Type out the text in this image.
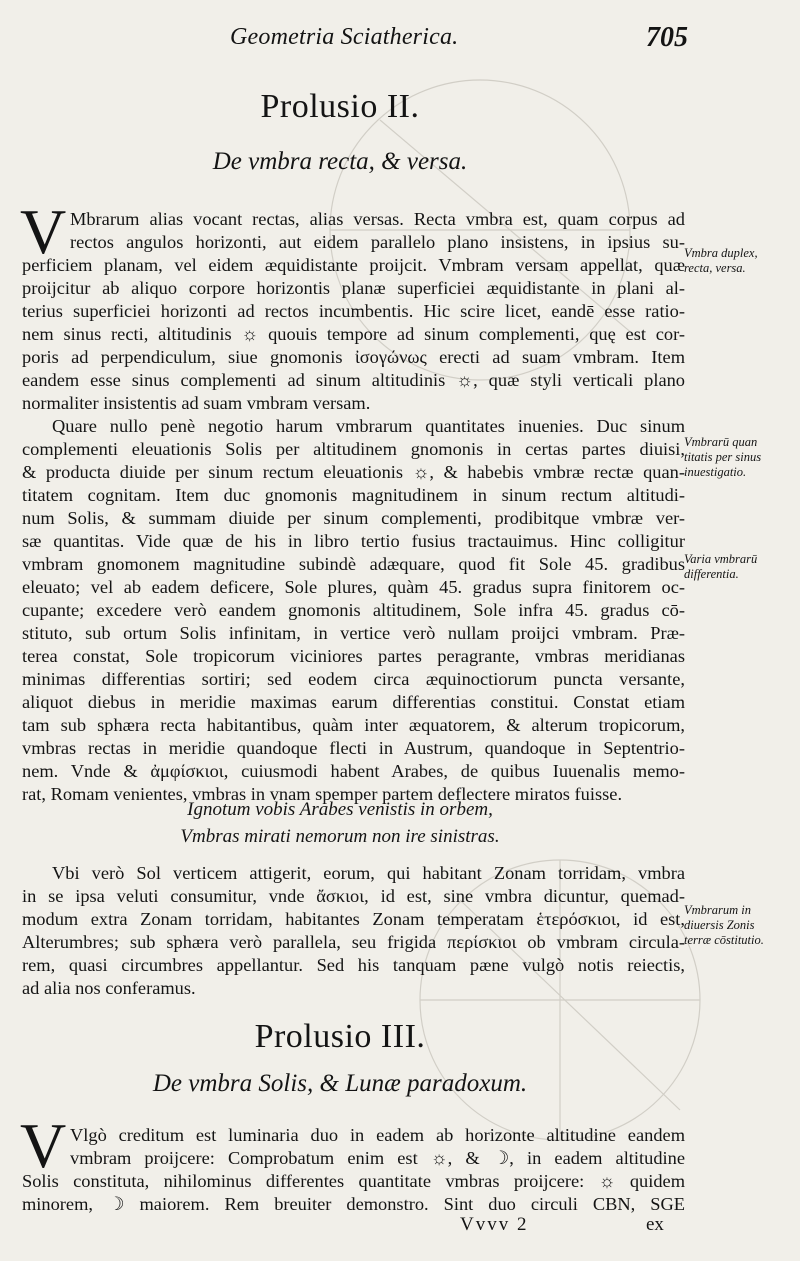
Geometria Sciatherica.	705
Prolusio II.
De vmbra recta, & versa.
V Mbrarum alias vocant rectas, alias versas. Recta vmbra est, quam corpus ad
rectos angulos horizonti, aut eidem parallelo plano insistens, in ipsius su-
perficiem planam, vel eidem æquidistante proijcit. Vmbram versam appellat, quæ
proijcitur ab aliquo corpore horizontis planæ superficiei æquidistante in plani al-
terius superficiei horizonti ad rectos incumbentis. Hic scire licet, eandē esse ratio-
nem sinus recti, altitudinis ☼ quouis tempore ad sinum complementi, quę est cor-
poris ad perpendiculum, siue gnomonis ἰσογώνως erecti ad suam vmbram. Item
eandem esse sinus complementi ad sinum altitudinis ☼, quæ styli verticali plano
normaliter insistentis ad suam vmbram versam.
Quare nullo penè negotio harum vmbrarum quantitates inuenies. Duc sinum
complementi eleuationis Solis per altitudinem gnomonis in certas partes diuisi,
& producta diuide per sinum rectum eleuationis ☼, & habebis vmbræ rectæ quan-
titatem cognitam. Item duc gnomonis magnitudinem in sinum rectum altitudi-
num Solis, & summam diuide per sinum complementi, prodibitque vmbræ ver-
sæ quantitas. Vide quæ de his in libro tertio fusius tractauimus. Hinc colligitur
vmbram gnomonem magnitudine subindè adæquare, quod fit Sole 45. gradibus
eleuato; vel ab eadem deficere, Sole plures, quàm 45. gradus supra finitorem oc-
cupante; excedere verò eandem gnomonis altitudinem, Sole infra 45. gradus cō-
stituto, sub ortum Solis infinitam, in vertice verò nullam proijci vmbram. Præ-
terea constat, Sole tropicorum viciniores partes peragrante, vmbras meridianas
minimas differentias sortiri; sed eodem circa æquinoctiorum puncta versante,
aliquot diebus in meridie maximas earum differentias constitui. Constat etiam
tam sub sphæra recta habitantibus, quàm inter æquatorem, & alterum tropicorum,
vmbras rectas in meridie quandoque flecti in Austrum, quandoque in Septentrio-
nem. Vnde & ἀμφίσκιοι, cuiusmodi habent Arabes, de quibus Iuuenalis memo-
rat, Romam venientes, vmbras in vnam spemper partem deflectere miratos fuisse.
Ignotum vobis Arabes venistis in orbem,
Vmbras mirati nemorum non ire sinistras.
Vbi verò Sol verticem attigerit, eorum, qui habitant Zonam torridam, vmbra
in se ipsa veluti consumitur, vnde ἄσκιοι, id est, sine vmbra dicuntur, quemad-
modum extra Zonam torridam, habitantes Zonam temperatam ἑτερόσκιοι, id est,
Alterumbres; sub sphæra verò parallela, seu frigida περίσκιοι ob vmbram circula-
rem, quasi circumbres appellantur. Sed his tanquam pæne vulgò notis reiectis,
ad alia nos conferamus.
Vmbra duplex,
recta, versa.
Vmbrarū quan
titatis per sinus
inuestigatio.
Varia vmbrarū
differentia.
Vmbrarum in
diuersis Zonis
terræ cōstitutio.
Prolusio III.
De vmbra Solis, & Lunæ paradoxum.
V Vlgò creditum est luminaria duo in eadem ab horizonte altitudine eandem
vmbram proijcere: Comprobatum enim est ☼, & ☽, in eadem altitudine
Solis constituta, nihilominus differentes quantitate vmbras proijcere: ☼ quidem
minorem, ☽ maiorem. Rem breuiter demonstro. Sint duo circuli CBN, SGE
Vvvv 2	ex
